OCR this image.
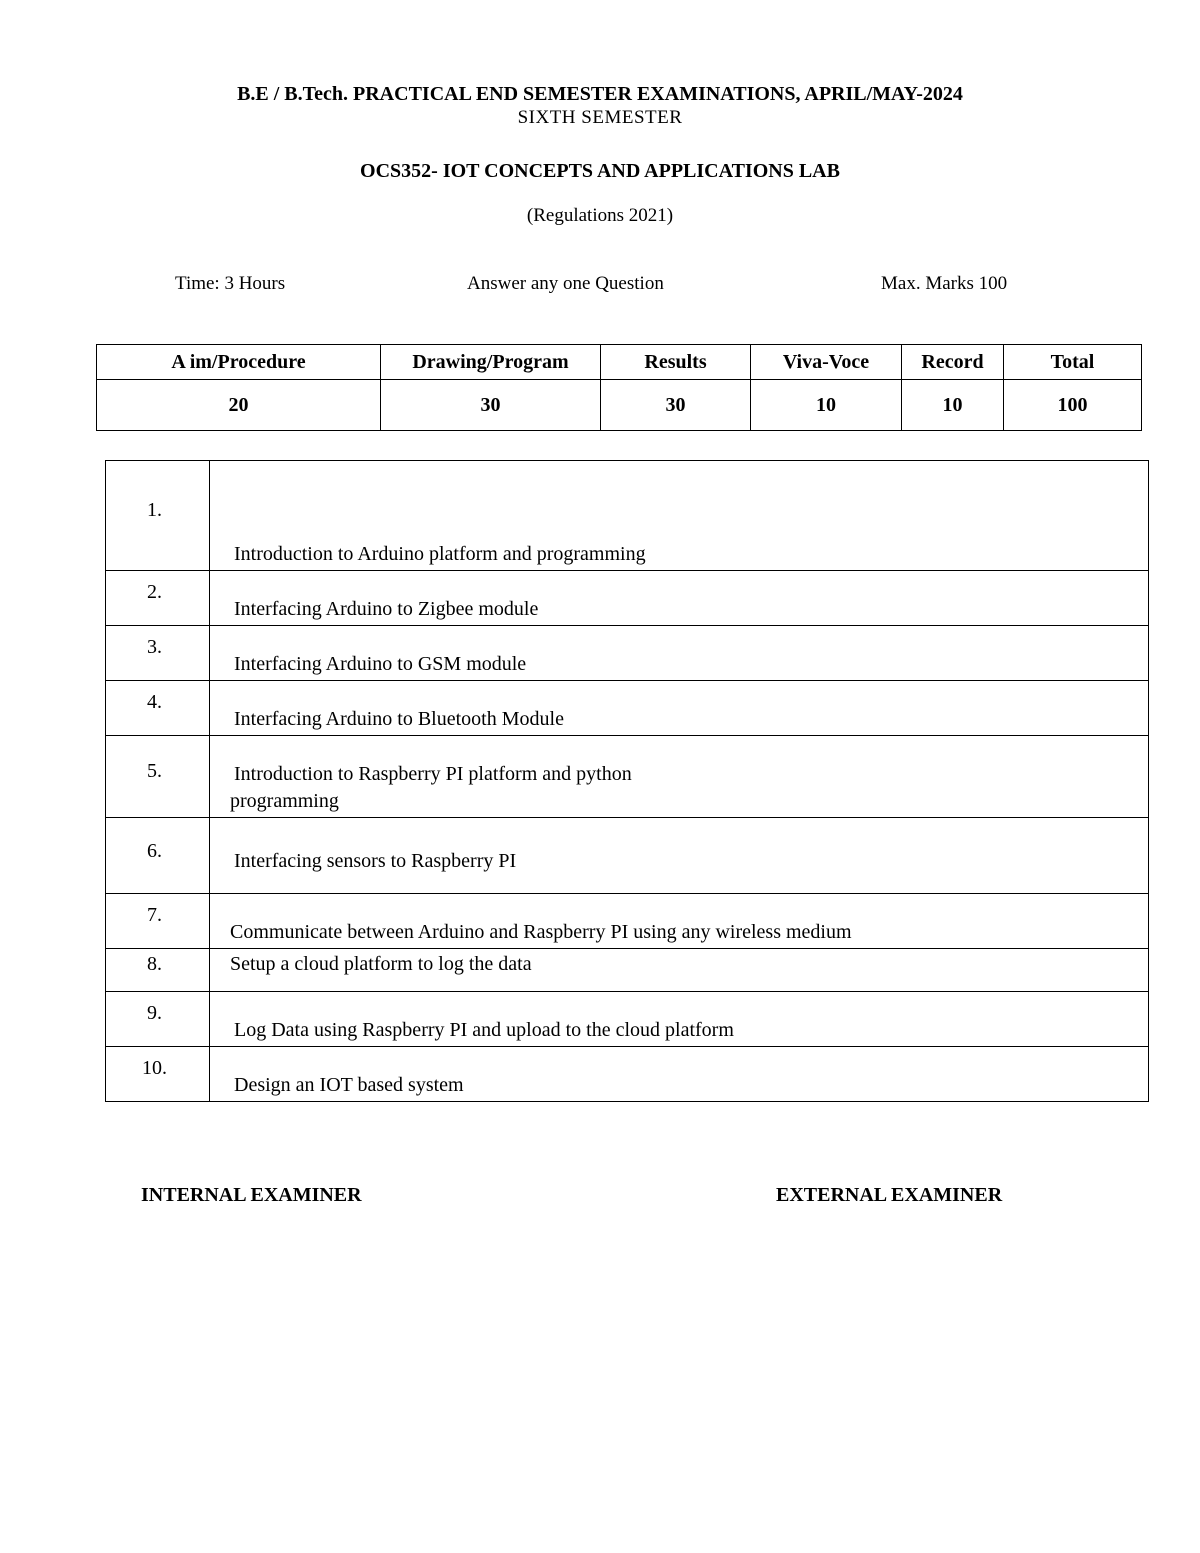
B.E / B.Tech. PRACTICAL END SEMESTER EXAMINATIONS, APRIL/MAY-2024
SIXTH SEMESTER
OCS352- IOT CONCEPTS AND APPLICATIONS LAB
(Regulations 2021)
Time: 3 Hours	Answer any one Question	Max. Marks 100
A im/Procedure	Drawing/Program	Results	Viva-Voce	Record	Total
20	30	30	10	10	100
1.	Introduction to Arduino platform and programming

2.	Interfacing Arduino to Zigbee module

3.	Interfacing Arduino to GSM module

4.	Interfacing Arduino to Bluetooth Module

5.	Introduction to Raspberry PI platform and python programming

6.	Interfacing sensors to Raspberry PI

7.	Communicate between Arduino and Raspberry PI using any wireless medium

8.	Setup a cloud platform to log the data

9.	Log Data using Raspberry PI and upload to the cloud platform

10.	Design an IOT based system
INTERNAL EXAMINER	EXTERNAL EXAMINER
